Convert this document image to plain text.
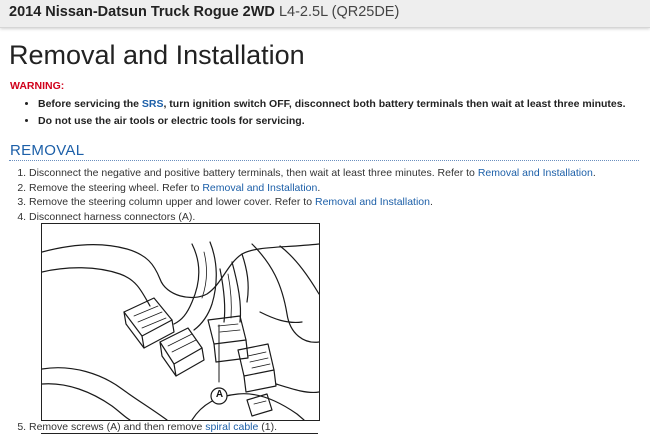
2014 Nissan-Datsun Truck Rogue 2WD L4-2.5L (QR25DE)
Removal and Installation
WARNING:
• Before servicing the SRS, turn ignition switch OFF, disconnect both battery terminals then wait at least three minutes.
• Do not use the air tools or electric tools for servicing.
REMOVAL
1. Disconnect the negative and positive battery terminals, then wait at least three minutes. Refer to Removal and Installation.
2. Remove the steering wheel. Refer to Removal and Installation.
3. Remove the steering column upper and lower cover. Refer to Removal and Installation.
4. Disconnect harness connectors (A).
A
5. Remove screws (A) and then remove spiral cable (1).
